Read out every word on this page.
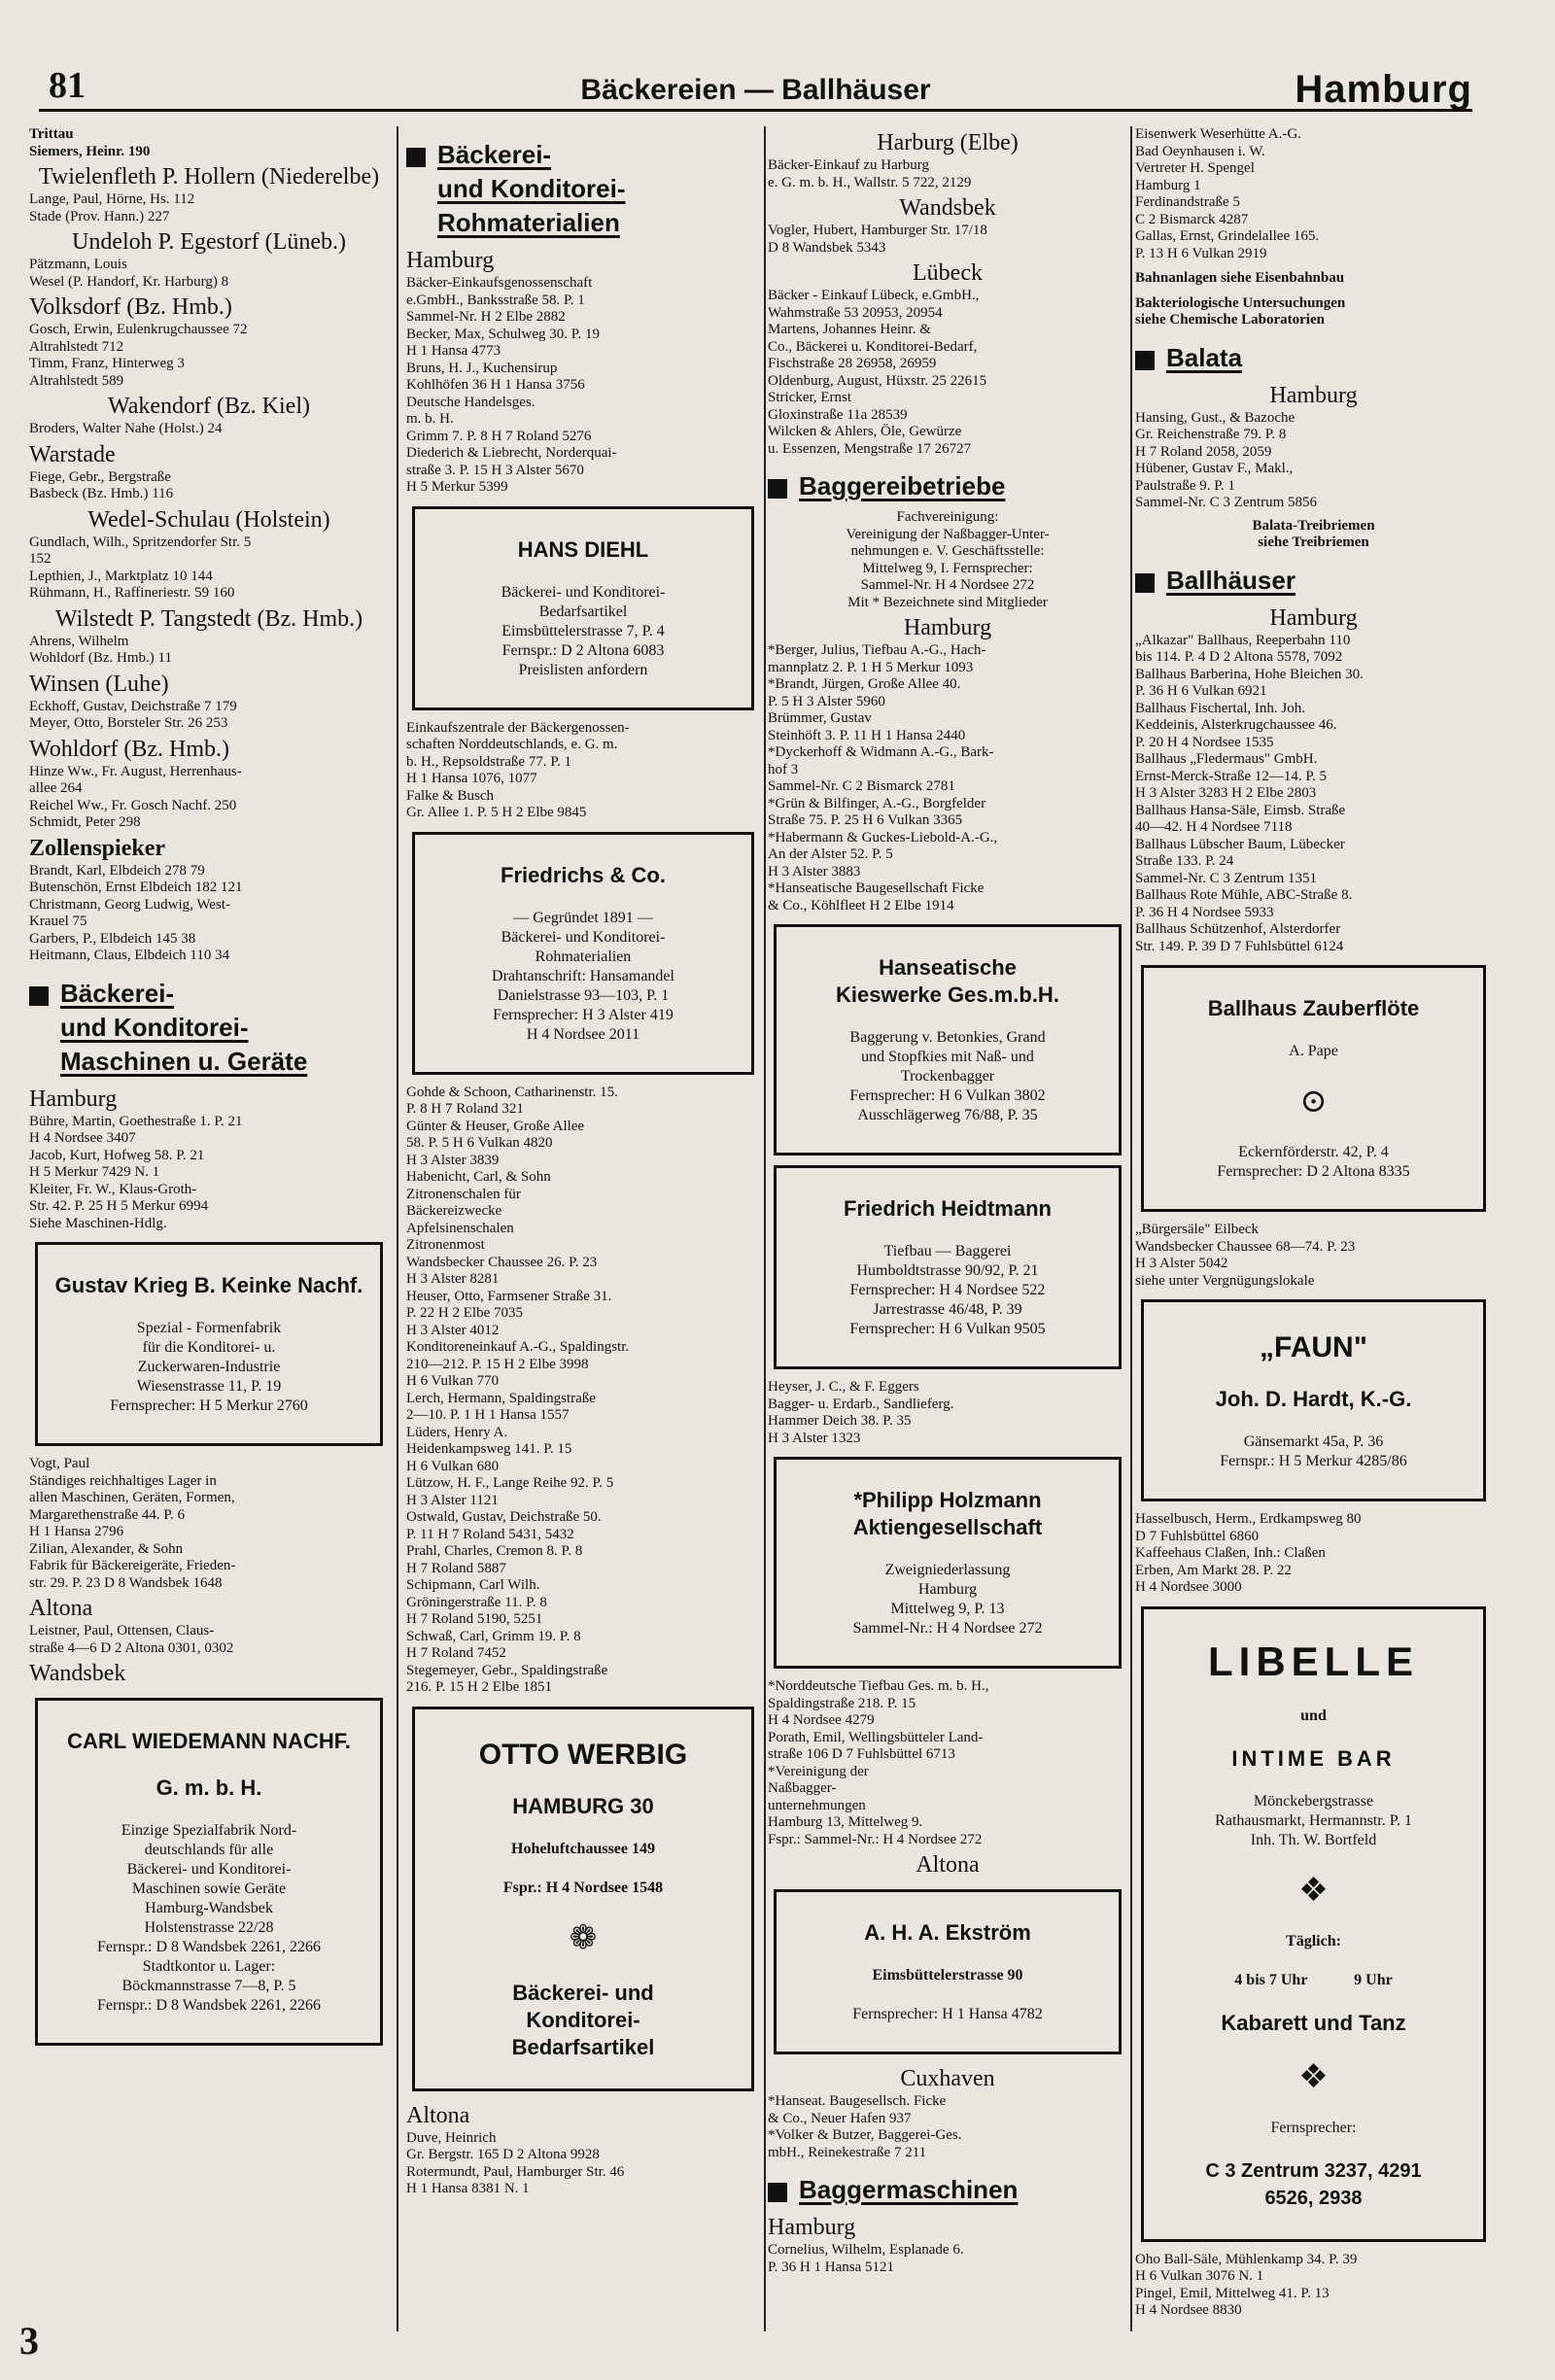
81	Bäckereien — Ballhäuser	Hamburg
Trittau
Siemers, Heinr. 190
Twielenfleth P. Hollern (Niederelbe)
Lange, Paul, Hörne, Hs. 112
Stade (Prov. Hann.) 227
Undeloh P. Egestorf (Lüneb.)
Pätzmann, Louis
Wesel (P. Handorf, Kr. Harburg) 8
Volksdorf (Bz. Hmb.)
Gosch, Erwin, Eulenkrugchaussee 72
Altrahlstedt 712
Timm, Franz, Hinterweg 3
Altrahlstedt 589
Wakendorf (Bz. Kiel)
Broders, Walter Nahe (Holst.) 24
Warstade
Fiege, Gebr., Bergstraße
Basbeck (Bz. Hmb.) 116
Wedel-Schulau (Holstein)
Gundlach, Wilh., Spritzendorfer Str. 5
152
Lepthien, J., Marktplatz 10 144
Rühmann, H., Raffineriestr. 59 160
Wilstedt P. Tangstedt (Bz. Hmb.)
Ahrens, Wilhelm
Wohldorf (Bz. Hmb.) 11
Winsen (Luhe)
Eckhoff, Gustav, Deichstraße 7 179
Meyer, Otto, Borsteler Str. 26 253
Wohldorf (Bz. Hmb.)
Hinze Ww., Fr. August, Herrenhaus-
allee 264
Reichel Ww., Fr. Gosch Nachf. 250
Schmidt, Peter 298
Zollenspieker
Brandt, Karl, Elbdeich 278 79
Butenschön, Ernst Elbdeich 182 121
Christmann, Georg Ludwig, West-
Krauel 75
Garbers, P., Elbdeich 145 38
Heitmann, Claus, Elbdeich 110 34
Bäckerei-
und Konditorei-
Maschinen u. Geräte
Hamburg
Bühre, Martin, Goethestraße 1. P. 21
H 4 Nordsee 3407
Jacob, Kurt, Hofweg 58. P. 21
H 5 Merkur 7429 N. 1
Kleiter, Fr. W., Klaus-Groth-
Str. 42. P. 25 H 5 Merkur 6994
Siehe Maschinen-Hdlg.

Gustav Krieg B. Keinke Nachf.

Spezial - Formenfabrik
für die Konditorei- u.
Zuckerwaren-Industrie
Wiesenstrasse 11, P. 19
Fernsprecher: H 5 Merkur 2760

Vogt, Paul
Ständiges reichhaltiges Lager in
allen Maschinen, Geräten, Formen,
Margarethenstraße 44. P. 6
H 1 Hansa 2796
Zilian, Alexander, & Sohn
Fabrik für Bäckereigeräte, Frieden-
str. 29. P. 23 D 8 Wandsbek 1648
Altona
Leistner, Paul, Ottensen, Claus-
straße 4—6 D 2 Altona 0301, 0302
Wandsbek

CARL WIEDEMANN NACHF.

G. m. b. H.

Einzige Spezialfabrik Nord-
deutschlands für alle
Bäckerei- und Konditorei-
Maschinen sowie Geräte
Hamburg-Wandsbek
Holstenstrasse 22/28
Fernspr.: D 8 Wandsbek 2261, 2266
Stadtkontor u. Lager:
Böckmannstrasse 7—8, P. 5
Fernspr.: D 8 Wandsbek 2261, 2266

Bäckerei-
und Konditorei-
Rohmaterialien
Hamburg
Bäcker-Einkaufsgenossenschaft
e.GmbH., Banksstraße 58. P. 1
Sammel-Nr. H 2 Elbe 2882
Becker, Max, Schulweg 30. P. 19
H 1 Hansa 4773
Bruns, H. J., Kuchensirup
Kohlhöfen 36 H 1 Hansa 3756
Deutsche Handelsges.
m. b. H.
Grimm 7. P. 8 H 7 Roland 5276
Diederich & Liebrecht, Norderquai-
straße 3. P. 15 H 3 Alster 5670
H 5 Merkur 5399

HANS DIEHL

Bäckerei- und Konditorei-
Bedarfsartikel
Eimsbüttelerstrasse 7, P. 4
Fernspr.: D 2 Altona 6083
Preislisten anfordern

Einkaufszentrale der Bäckergenossen-
schaften Norddeutschlands, e. G. m.
b. H., Repsoldstraße 77. P. 1
H 1 Hansa 1076, 1077
Falke & Busch
Gr. Allee 1. P. 5 H 2 Elbe 9845

Friedrichs & Co.

— Gegründet 1891 —
Bäckerei- und Konditorei-
Rohmaterialien
Drahtanschrift: Hansamandel
Danielstrasse 93—103, P. 1
Fernsprecher: H 3 Alster 419
H 4 Nordsee 2011

Gohde & Schoon, Catharinenstr. 15.
P. 8 H 7 Roland 321
Günter & Heuser, Große Allee
58. P. 5 H 6 Vulkan 4820
H 3 Alster 3839
Habenicht, Carl, & Sohn
Zitronenschalen für
Bäckereizwecke
Apfelsinenschalen
Zitronenmost
Wandsbecker Chaussee 26. P. 23
H 3 Alster 8281
Heuser, Otto, Farmsener Straße 31.
P. 22 H 2 Elbe 7035
H 3 Alster 4012
Konditoreneinkauf A.-G., Spaldingstr.
210—212. P. 15 H 2 Elbe 3998
H 6 Vulkan 770
Lerch, Hermann, Spaldingstraße
2—10. P. 1 H 1 Hansa 1557
Lüders, Henry A.
Heidenkampsweg 141. P. 15
H 6 Vulkan 680
Lützow, H. F., Lange Reihe 92. P. 5
H 3 Alster 1121
Ostwald, Gustav, Deichstraße 50.
P. 11 H 7 Roland 5431, 5432
Prahl, Charles, Cremon 8. P. 8
H 7 Roland 5887
Schipmann, Carl Wilh.
Gröningerstraße 11. P. 8
H 7 Roland 5190, 5251
Schwaß, Carl, Grimm 19. P. 8
H 7 Roland 7452
Stegemeyer, Gebr., Spaldingstraße
216. P. 15 H 2 Elbe 1851

OTTO WERBIG

HAMBURG 30

Hoheluftchaussee 149

Fspr.: H 4 Nordsee 1548

❁

Bäckerei- und
Konditorei-
Bedarfsartikel

Altona
Duve, Heinrich
Gr. Bergstr. 165 D 2 Altona 9928
Rotermundt, Paul, Hamburger Str. 46
H 1 Hansa 8381 N. 1
Harburg (Elbe)
Bäcker-Einkauf zu Harburg
e. G. m. b. H., Wallstr. 5 722, 2129
Wandsbek
Vogler, Hubert, Hamburger Str. 17/18
D 8 Wandsbek 5343
Lübeck
Bäcker - Einkauf Lübeck, e.GmbH.,
Wahmstraße 53 20953, 20954
Martens, Johannes Heinr. &
Co., Bäckerei u. Konditorei-Bedarf,
Fischstraße 28 26958, 26959
Oldenburg, August, Hüxstr. 25 22615
Stricker, Ernst
Gloxinstraße 11a 28539
Wilcken & Ahlers, Öle, Gewürze
u. Essenzen, Mengstraße 17 26727
Baggereibetriebe
Fachvereinigung:
Vereinigung der Naßbagger-Unter-
nehmungen e. V. Geschäftsstelle:
Mittelweg 9, I. Fernsprecher:
Sammel-Nr. H 4 Nordsee 272
Mit * Bezeichnete sind Mitglieder
Hamburg
*Berger, Julius, Tiefbau A.-G., Hach-
mannplatz 2. P. 1 H 5 Merkur 1093
*Brandt, Jürgen, Große Allee 40.
P. 5 H 3 Alster 5960
Brümmer, Gustav
Steinhöft 3. P. 11 H 1 Hansa 2440
*Dyckerhoff & Widmann A.-G., Bark-
hof 3
Sammel-Nr. C 2 Bismarck 2781
*Grün & Bilfinger, A.-G., Borgfelder
Straße 75. P. 25 H 6 Vulkan 3365
*Habermann & Guckes-Liebold-A.-G.,
An der Alster 52. P. 5
H 3 Alster 3883
*Hanseatische Baugesellschaft Ficke
& Co., Köhlfleet H 2 Elbe 1914

Hanseatische
Kieswerke Ges.m.b.H.

Baggerung v. Betonkies, Grand
und Stopfkies mit Naß- und
Trockenbagger
Fernsprecher: H 6 Vulkan 3802
Ausschlägerweg 76/88, P. 35

Friedrich Heidtmann

Tiefbau — Baggerei
Humboldtstrasse 90/92, P. 21
Fernsprecher: H 4 Nordsee 522
Jarrestrasse 46/48, P. 39
Fernsprecher: H 6 Vulkan 9505

Heyser, J. C., & F. Eggers
Bagger- u. Erdarb., Sandlieferg.
Hammer Deich 38. P. 35
H 3 Alster 1323

*Philipp Holzmann
Aktiengesellschaft

Zweigniederlassung
Hamburg
Mittelweg 9, P. 13
Sammel-Nr.: H 4 Nordsee 272

*Norddeutsche Tiefbau Ges. m. b. H.,
Spaldingstraße 218. P. 15
H 4 Nordsee 4279
Porath, Emil, Wellingsbütteler Land-
straße 106 D 7 Fuhlsbüttel 6713
*Vereinigung der
Naßbagger-
unternehmungen
Hamburg 13, Mittelweg 9.
Fspr.: Sammel-Nr.: H 4 Nordsee 272
Altona

A. H. A. Ekström

Eimsbüttelerstrasse 90

Fernsprecher: H 1 Hansa 4782

Cuxhaven
*Hanseat. Baugesellsch. Ficke
& Co., Neuer Hafen 937
*Volker & Butzer, Baggerei-Ges.
mbH., Reinekestraße 7 211
Baggermaschinen
Hamburg
Cornelius, Wilhelm, Esplanade 6.
P. 36 H 1 Hansa 5121
Eisenwerk Weserhütte A.-G.
Bad Oeynhausen i. W.
Vertreter H. Spengel
Hamburg 1
Ferdinandstraße 5
C 2 Bismarck 4287
Gallas, Ernst, Grindelallee 165.
P. 13 H 6 Vulkan 2919
Bahnanlagen siehe Eisenbahnbau
Bakteriologische Untersuchungen
siehe Chemische Laboratorien
Balata
Hamburg
Hansing, Gust., & Bazoche
Gr. Reichenstraße 79. P. 8
H 7 Roland 2058, 2059
Hübener, Gustav F., Makl.,
Paulstraße 9. P. 1
Sammel-Nr. C 3 Zentrum 5856
Balata-Treibriemen
siehe Treibriemen
Ballhäuser
Hamburg
„Alkazar" Ballhaus, Reeperbahn 110
bis 114. P. 4 D 2 Altona 5578, 7092
Ballhaus Barberina, Hohe Bleichen 30.
P. 36 H 6 Vulkan 6921
Ballhaus Fischertal, Inh. Joh.
Keddeinis, Alsterkrugchaussee 46.
P. 20 H 4 Nordsee 1535
Ballhaus „Fledermaus" GmbH.
Ernst-Merck-Straße 12—14. P. 5
H 3 Alster 3283 H 2 Elbe 2803
Ballhaus Hansa-Säle, Eimsb. Straße
40—42. H 4 Nordsee 7118
Ballhaus Lübscher Baum, Lübecker
Straße 133. P. 24
Sammel-Nr. C 3 Zentrum 1351
Ballhaus Rote Mühle, ABC-Straße 8.
P. 36 H 4 Nordsee 5933
Ballhaus Schützenhof, Alsterdorfer
Str. 149. P. 39 D 7 Fuhlsbüttel 6124

Ballhaus Zauberflöte

A. Pape

⊙

Eckernförderstr. 42, P. 4
Fernsprecher: D 2 Altona 8335

„Bürgersäle" Eilbeck
Wandsbecker Chaussee 68—74. P. 23
H 3 Alster 5042
siehe unter Vergnügungslokale

„FAUN"

Joh. D. Hardt, K.-G.

Gänsemarkt 45a, P. 36
Fernspr.: H 5 Merkur 4285/86

Hasselbusch, Herm., Erdkampsweg 80
D 7 Fuhlsbüttel 6860
Kaffeehaus Claßen, Inh.: Claßen
Erben, Am Markt 28. P. 22
H 4 Nordsee 3000

LIBELLE

und

INTIME BAR

Mönckebergstrasse
Rathausmarkt, Hermannstr. P. 1
Inh. Th. W. Bortfeld

❖

Täglich:

4 bis 7 Uhr            9 Uhr

Kabarett und Tanz

❖

Fernsprecher:

C 3 Zentrum 3237, 4291
6526, 2938

Oho Ball-Säle, Mühlenkamp 34. P. 39
H 6 Vulkan 3076 N. 1
Pingel, Emil, Mittelweg 41. P. 13
H 4 Nordsee 8830
3
